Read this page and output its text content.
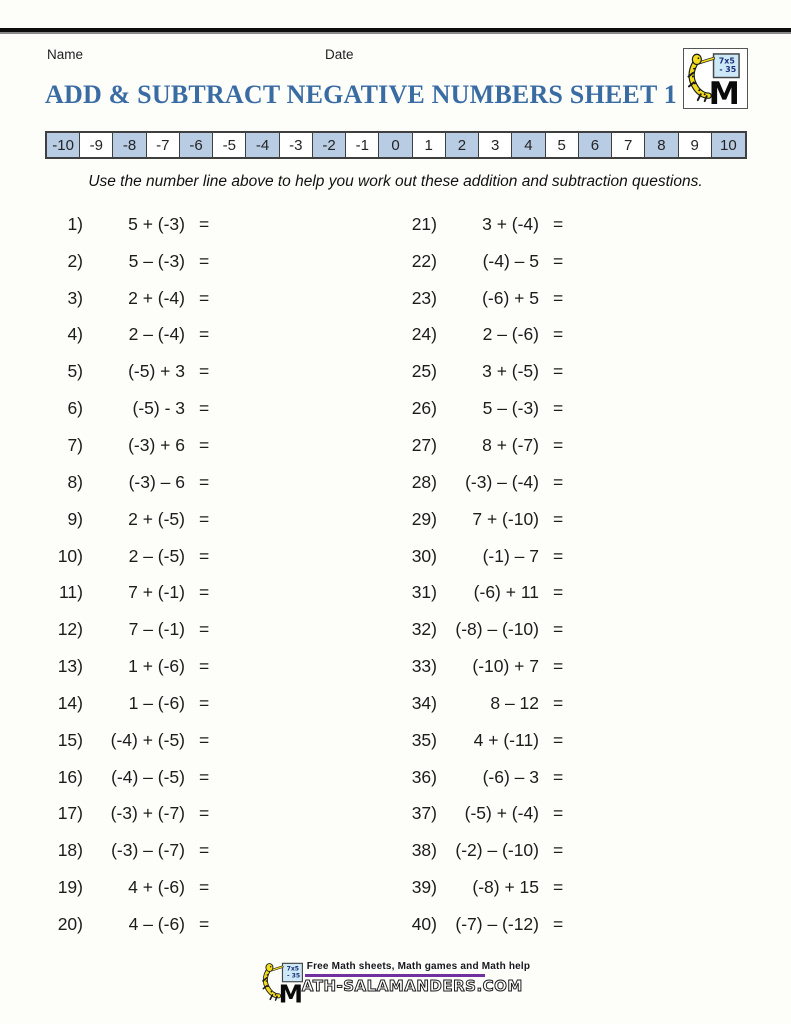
Name	Date
ADD & SUBTRACT NEGATIVE NUMBERS SHEET 1
-10	-9	-8	-7	-6	-5	-4	-3	-2	-1	0	1	2	3	4	5	6	7	8	9	10
Use the number line above to help you work out these addition and subtraction questions.
1)	5 + (-3) =
2)	5 – (-3) =
3)	2 + (-4) =
4)	2 – (-4) =
5)	(-5) + 3 =
6)	(-5) - 3 =
7)	(-3) + 6 =
8)	(-3) – 6 =
9)	2 + (-5) =
10)	2 – (-5) =
11)	7 + (-1) =
12)	7 – (-1) =
13)	1 + (-6) =
14)	1 – (-6) =
15)	(-4) + (-5) =
16)	(-4) – (-5) =
17)	(-3) + (-7) =
18)	(-3) – (-7) =
19)	4 + (-6) =
20)	4 – (-6) =
21)	3 + (-4) =
22)	(-4) – 5 =
23)	(-6) + 5 =
24)	2 – (-6) =
25)	3 + (-5) =
26)	5 – (-3) =
27)	8 + (-7) =
28)	(-3) – (-4) =
29)	7 + (-10) =
30)	(-1) – 7 =
31)	(-6) + 11 =
32)	(-8) – (-10) =
33)	(-10) + 7 =
34)	8 – 12 =
35)	4 + (-11) =
36)	(-6) – 3 =
37)	(-5) + (-4) =
38)	(-2) – (-10) =
39)	(-8) + 15 =
40)	(-7) – (-12) =
Free Math sheets, Math games and Math help
ATH-SALAMANDERS.COM
